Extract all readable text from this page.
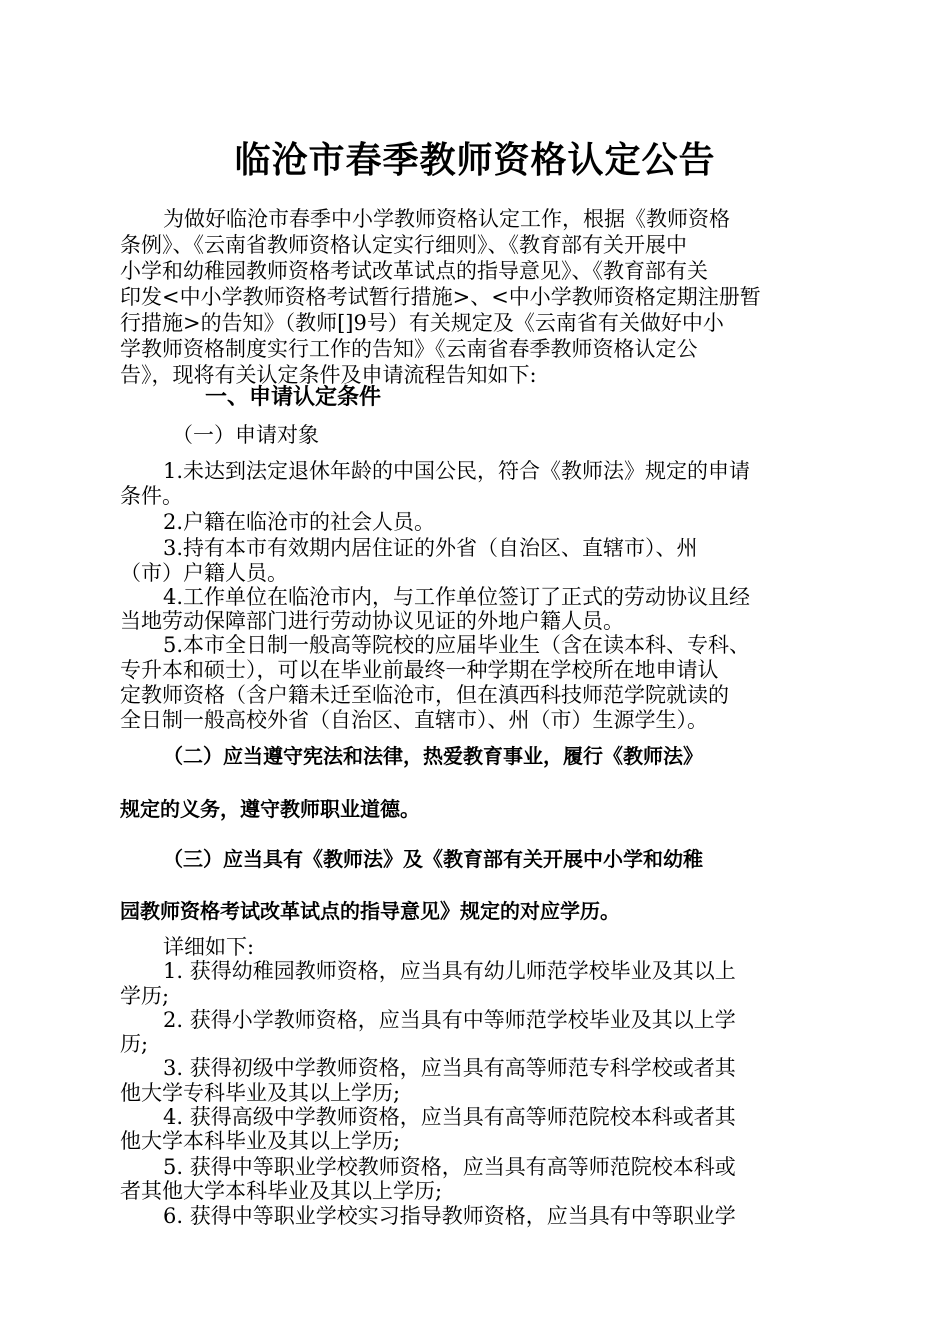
临沧市春季教师资格认定公告
为做好临沧市春季中小学教师资格认定工作，根据《教师资格
条例》、《云南省教师资格认定实行细则》、《教育部有关开展中
小学和幼稚园教师资格考试改革试点的指导意见》、《教育部有关
印发<中小学教师资格考试暂行措施>、<中小学教师资格定期注册暂
行措施>的告知》（教师[]9号）有关规定及《云南省有关做好中小
学教师资格制度实行工作的告知》《云南省春季教师资格认定公
告》，现将有关认定条件及申请流程告知如下:
一、申请认定条件
（一）申请对象
1.未达到法定退休年龄的中国公民，符合《教师法》规定的申请
条件。
2.户籍在临沧市的社会人员。
3.持有本市有效期内居住证的外省（自治区、直辖市）、州
（市）户籍人员。
4.工作单位在临沧市内，与工作单位签订了正式的劳动协议且经
当地劳动保障部门进行劳动协议见证的外地户籍人员。
5.本市全日制一般高等院校的应届毕业生（含在读本科、专科、
专升本和硕士），可以在毕业前最终一种学期在学校所在地申请认
定教师资格（含户籍未迁至临沧市，但在滇西科技师范学院就读的
全日制一般高校外省（自治区、直辖市）、州（市）生源学生）。
（二）应当遵守宪法和法律，热爱教育事业，履行《教师法》
规定的义务，遵守教师职业道德。
（三）应当具有《教师法》及《教育部有关开展中小学和幼稚
园教师资格考试改革试点的指导意见》规定的对应学历。
详细如下:
1. 获得幼稚园教师资格，应当具有幼儿师范学校毕业及其以上
学历;
2. 获得小学教师资格，应当具有中等师范学校毕业及其以上学
历;
3. 获得初级中学教师资格，应当具有高等师范专科学校或者其
他大学专科毕业及其以上学历;
4. 获得高级中学教师资格，应当具有高等师范院校本科或者其
他大学本科毕业及其以上学历;
5. 获得中等职业学校教师资格，应当具有高等师范院校本科或
者其他大学本科毕业及其以上学历;
6. 获得中等职业学校实习指导教师资格，应当具有中等职业学
